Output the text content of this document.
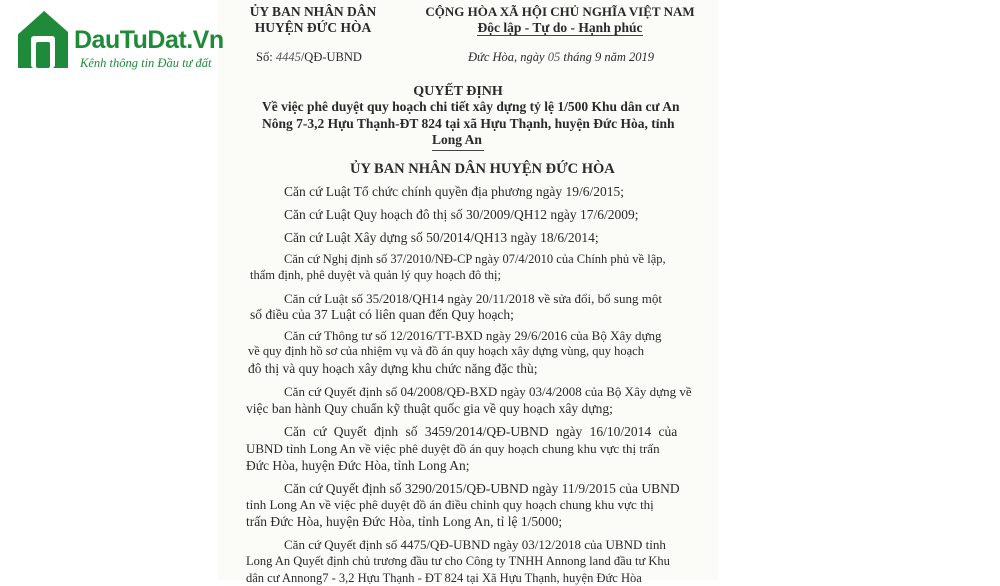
DauTuDat.Vn
Kênh thông tin Đầu tư đất
ỦY BAN NHÂN DÂN
HUYỆN ĐỨC HÒA
Số: 4445/QĐ-UBND
CỘNG HÒA XÃ HỘI CHỦ NGHĨA VIỆT NAM
Độc lập - Tự do - Hạnh phúc
Đức Hòa, ngày 05 tháng 9 năm 2019
QUYẾT ĐỊNH
Về việc phê duyệt quy hoạch chi tiết xây dựng tỷ lệ 1/500 Khu dân cư An
Nông 7-3,2 Hựu Thạnh-ĐT 824 tại xã Hựu Thạnh, huyện Đức Hòa, tỉnh
Long An
ỦY BAN NHÂN DÂN HUYỆN ĐỨC HÒA
Căn cứ Luật Tổ chức chính quyền địa phương ngày 19/6/2015;
Căn cứ Luật Quy hoạch đô thị số 30/2009/QH12 ngày 17/6/2009;
Căn cứ Luật Xây dựng số 50/2014/QH13 ngày 18/6/2014;
Căn cứ Nghị định số 37/2010/NĐ-CP ngày 07/4/2010 của Chính phủ về lập,
thẩm định, phê duyệt và quản lý quy hoạch đô thị;
Căn cứ Luật số 35/2018/QH14 ngày 20/11/2018 về sửa đổi, bổ sung một
số điều của 37 Luật có liên quan đến Quy hoạch;
Căn cứ Thông tư số 12/2016/TT-BXD ngày 29/6/2016 của Bộ Xây dựng
về quy định hồ sơ của nhiệm vụ và đồ án quy hoạch xây dựng vùng, quy hoạch
đô thị và quy hoạch xây dựng khu chức năng đặc thù;
Căn cứ Quyết định số 04/2008/QĐ-BXD ngày 03/4/2008 của Bộ Xây dựng về
việc ban hành Quy chuẩn kỹ thuật quốc gia về quy hoạch xây dựng;
Căn cứ Quyết định số 3459/2014/QĐ-UBND ngày 16/10/2014 của
UBND tỉnh Long An về việc phê duyệt đồ án quy hoạch chung khu vực thị trấn
Đức Hòa, huyện Đức Hòa, tỉnh Long An;
Căn cứ Quyết định số 3290/2015/QĐ-UBND ngày 11/9/2015 của UBND
tỉnh Long An về việc phê duyệt đồ án điều chỉnh quy hoạch chung khu vực thị
trấn Đức Hòa, huyện Đức Hòa, tỉnh Long An, tỉ lệ 1/5000;
Căn cứ Quyết định số 4475/QĐ-UBND ngày 03/12/2018 của UBND tỉnh
Long An Quyết định chủ trương đầu tư cho Công ty TNHH Annong land đầu tư Khu
dân cư Annong7 - 3,2 Hựu Thạnh - ĐT 824 tại Xã Hựu Thạnh, huyện Đức Hòa
